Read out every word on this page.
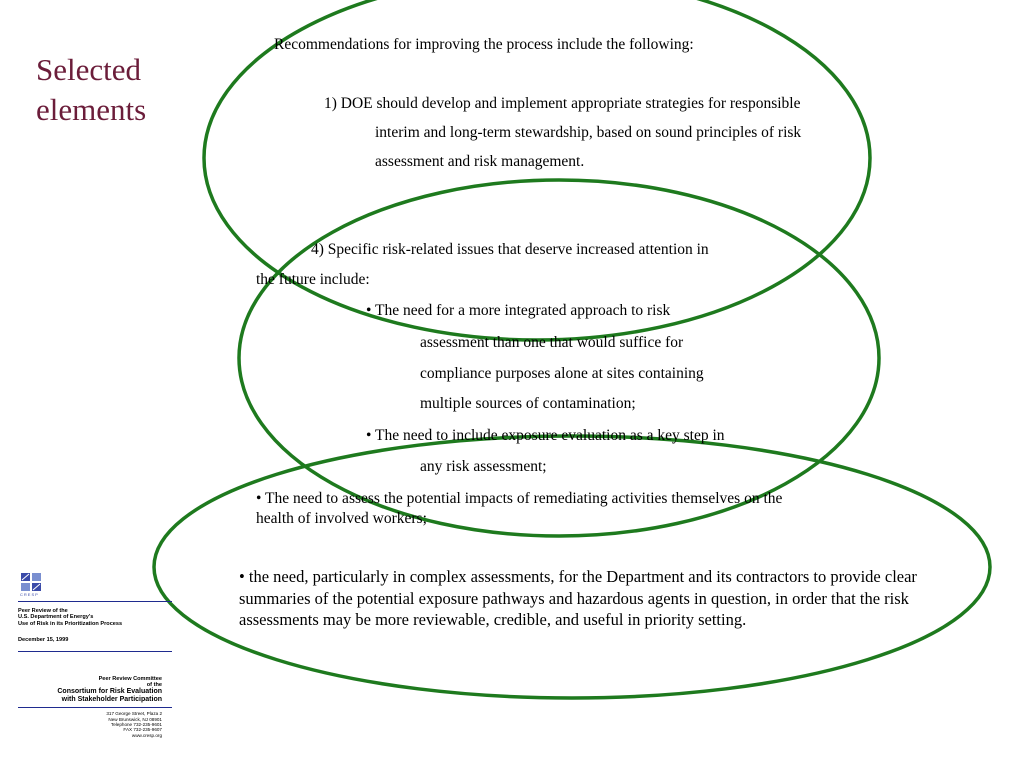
Selected
elements
Recommendations for improving the process include the following:
1) DOE should develop and implement appropriate strategies for responsible
interim and long-term stewardship, based on sound principles of risk
assessment and risk management.
4) Specific risk-related issues that deserve increased attention in
the future include:
• The need for a more integrated approach to risk
assessment than one that would suffice for
compliance purposes alone at sites containing
multiple sources of contamination;
• The need to include exposure evaluation as a key step in
any risk assessment;
• The need to assess the potential impacts of remediating activities themselves on the
health of involved workers;
• the need, particularly in complex assessments, for the Department and its contractors to provide clear summaries of the potential exposure pathways and hazardous agents in question, in order that the risk assessments may be more reviewable, credible, and useful in priority setting.
CRESP
Peer Review of the
U.S. Department of Energy's
Use of Risk in its Prioritization Process
December 15, 1999
Peer Review Committee
of the
Consortium for Risk Evaluation
with Stakeholder Participation
317 George Street, Plaza 2
New Brunswick, NJ 08901
Telephone 732-235-9601
FAX 732-235-9607
www.cresp.org
